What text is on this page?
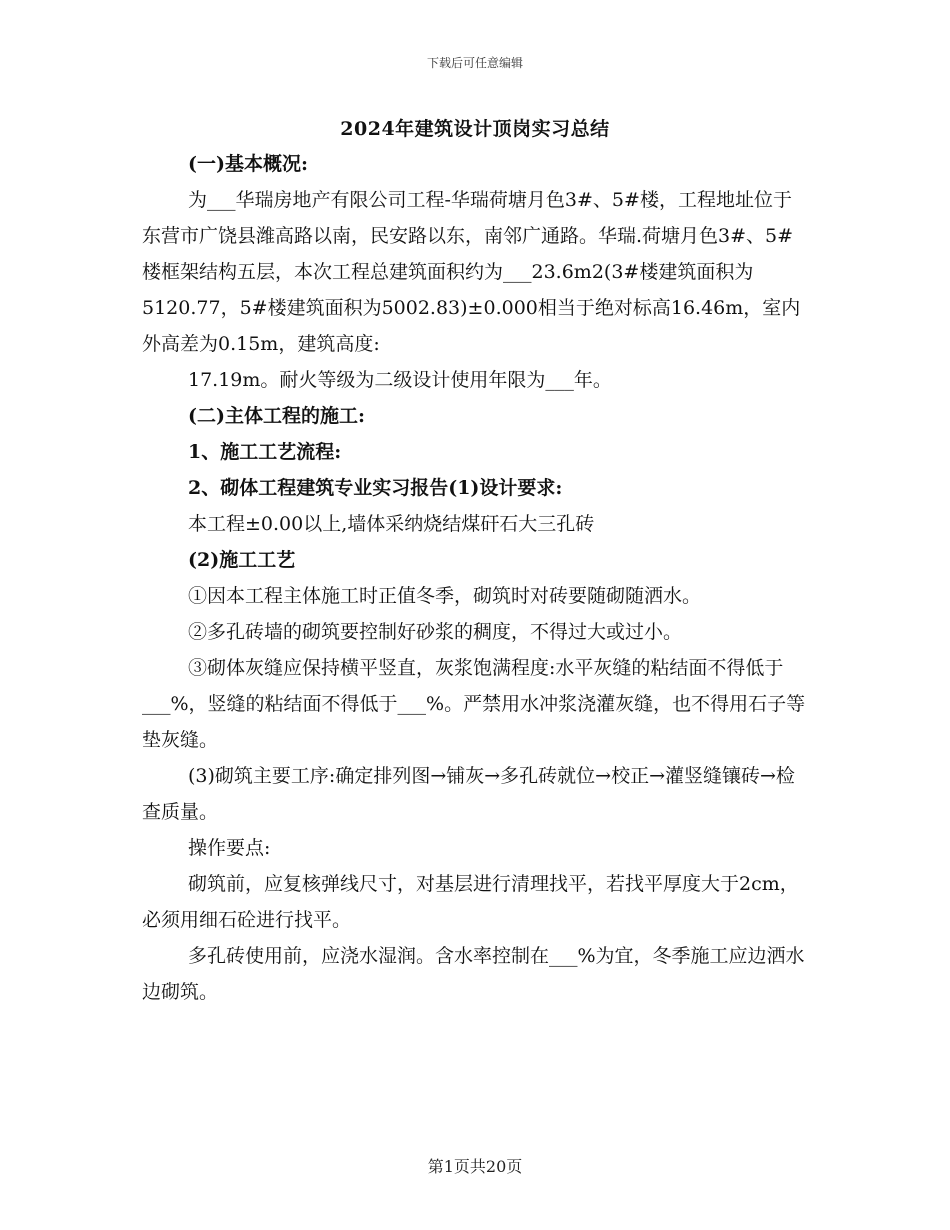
下载后可任意编辑
2024年建筑设计顶岗实习总结

(一)基本概况:

为___华瑞房地产有限公司工程-华瑞荷塘月色3#、5#楼，工程地址位于东营市广饶县潍高路以南，民安路以东，南邻广通路。华瑞.荷塘月色3#、5#楼框架结构五层，本次工程总建筑面积约为___23.6m2(3#楼建筑面积为5120.77，5#楼建筑面积为5002.83)±0.000相当于绝对标高16.46m，室内外高差为0.15m，建筑高度:

17.19m。耐火等级为二级设计使用年限为___年。

(二)主体工程的施工:

1、施工工艺流程:

2、砌体工程建筑专业实习报告(1)设计要求:

本工程±0.00以上,墙体采纳烧结煤矸石大三孔砖

(2)施工工艺

①因本工程主体施工时正值冬季，砌筑时对砖要随砌随洒水。

②多孔砖墙的砌筑要控制好砂浆的稠度，不得过大或过小。

③砌体灰缝应保持横平竖直，灰浆饱满程度:水平灰缝的粘结面不得低于___%，竖缝的粘结面不得低于___%。严禁用水冲浆浇灌灰缝，也不得用石子等垫灰缝。

(3)砌筑主要工序:确定排列图→铺灰→多孔砖就位→校正→灌竖缝镶砖→检查质量。

操作要点:

砌筑前，应复核弹线尺寸，对基层进行清理找平，若找平厚度大于2cm，必须用细石砼进行找平。

多孔砖使用前，应浇水湿润。含水率控制在___%为宜，冬季施工应边洒水边砌筑。

第1页共20页
